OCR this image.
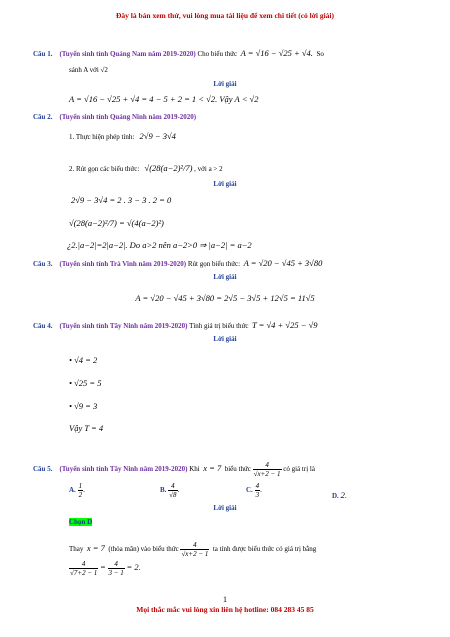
Đây là bản xem thử, vui lòng mua tài liệu để xem chi tiết (có lời giải)
Câu 1. (Tuyển sinh tỉnh Quảng Nam năm 2019-2020) Cho biểu thức A = √16 − √25 + √4. So
sánh A với √2
Lời giải
A = √16 − √25 + √4 = 4 − 5 + 2 = 1 < √2. Vậy A < √2
Câu 2. (Tuyển sinh tỉnh Quảng Ninh năm 2019-2020)
1. Thực hiện phép tính: 2√9 − 3√4
2. Rút gọn các biểu thức: √(28(a−2)²/7) , với a > 2
Lời giải
2√9 − 3√4 = 2 . 3 − 3 . 2 = 0
√(28(a−2)²/7) = √(4(a−2)²)
¿2.|a−2|=2|a−2|. Do a>2 nên a−2>0 ⇒ |a−2| = a−2
Câu 3. (Tuyển sinh tỉnh Trà Vinh năm 2019-2020) Rút gọn biểu thức: A = √20 − √45 + 3√80
Lời giải
A = √20 − √45 + 3√80 = 2√5 − 3√5 + 12√5 = 11√5
Câu 4. (Tuyển sinh tỉnh Tây Ninh năm 2019-2020) Tính giá trị biểu thức T = √4 + √25 − √9
Lời giải
• √4 = 2
• √25 = 5
• √9 = 3
Vậy T = 4
Câu 5. (Tuyển sinh tỉnh Tây Ninh năm 2019-2020) Khi x = 7 biểu thức $\frac{4}{√x+2 - 1}$ có giá trị là
A. $\frac{1}{2}$ .	B. $\frac{4}{√8}$ .	C. $\frac{4}{3}$ .
D. 2.
Lời giải
Chọn D
Thay x = 7 (thỏa mãn) vào biểu thức $\frac{4}{√x+2 - 1}$ ta tính được biểu thức có giá trị bằng
$\frac{4}{√7+2 - 1} = \frac{4}{3 - 1} = 2$.
1
Mọi thắc mắc vui lòng xin liên hệ hotline: 084 283 45 85
